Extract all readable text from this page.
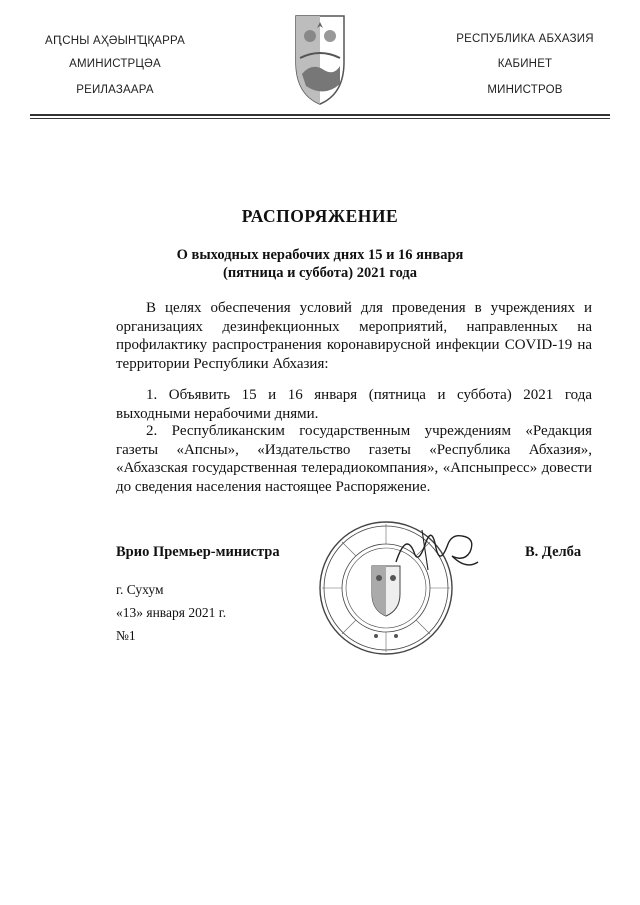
АԤСНЫ АҲӘЫНҴҚАРРА
АМИНИСТРЦӘА
РЕИЛАЗААРА
РЕСПУБЛИКА АБХАЗИЯ
КАБИНЕТ
МИНИСТРОВ
РАСПОРЯЖЕНИЕ
О выходных нерабочих днях 15 и 16 января
(пятница и суббота) 2021 года
В целях обеспечения условий для проведения в учреждениях и организациях дезинфекционных мероприятий, направленных на профилактику распространения коронавирусной инфекции COVID-19 на территории Республики Абхазия:
1. Объявить 15 и 16 января (пятница и суббота) 2021 года выходными нерабочими днями.
2. Республиканским государственным учреждениям «Редакция газеты «Апсны», «Издательство газеты «Республика Абхазия», «Абхазская государственная телерадиокомпания», «Апсныпресс» довести до сведения населения настоящее Распоряжение.
Врио Премьер-министра	В. Делба
г. Сухум
«13» января 2021 г.
№1
